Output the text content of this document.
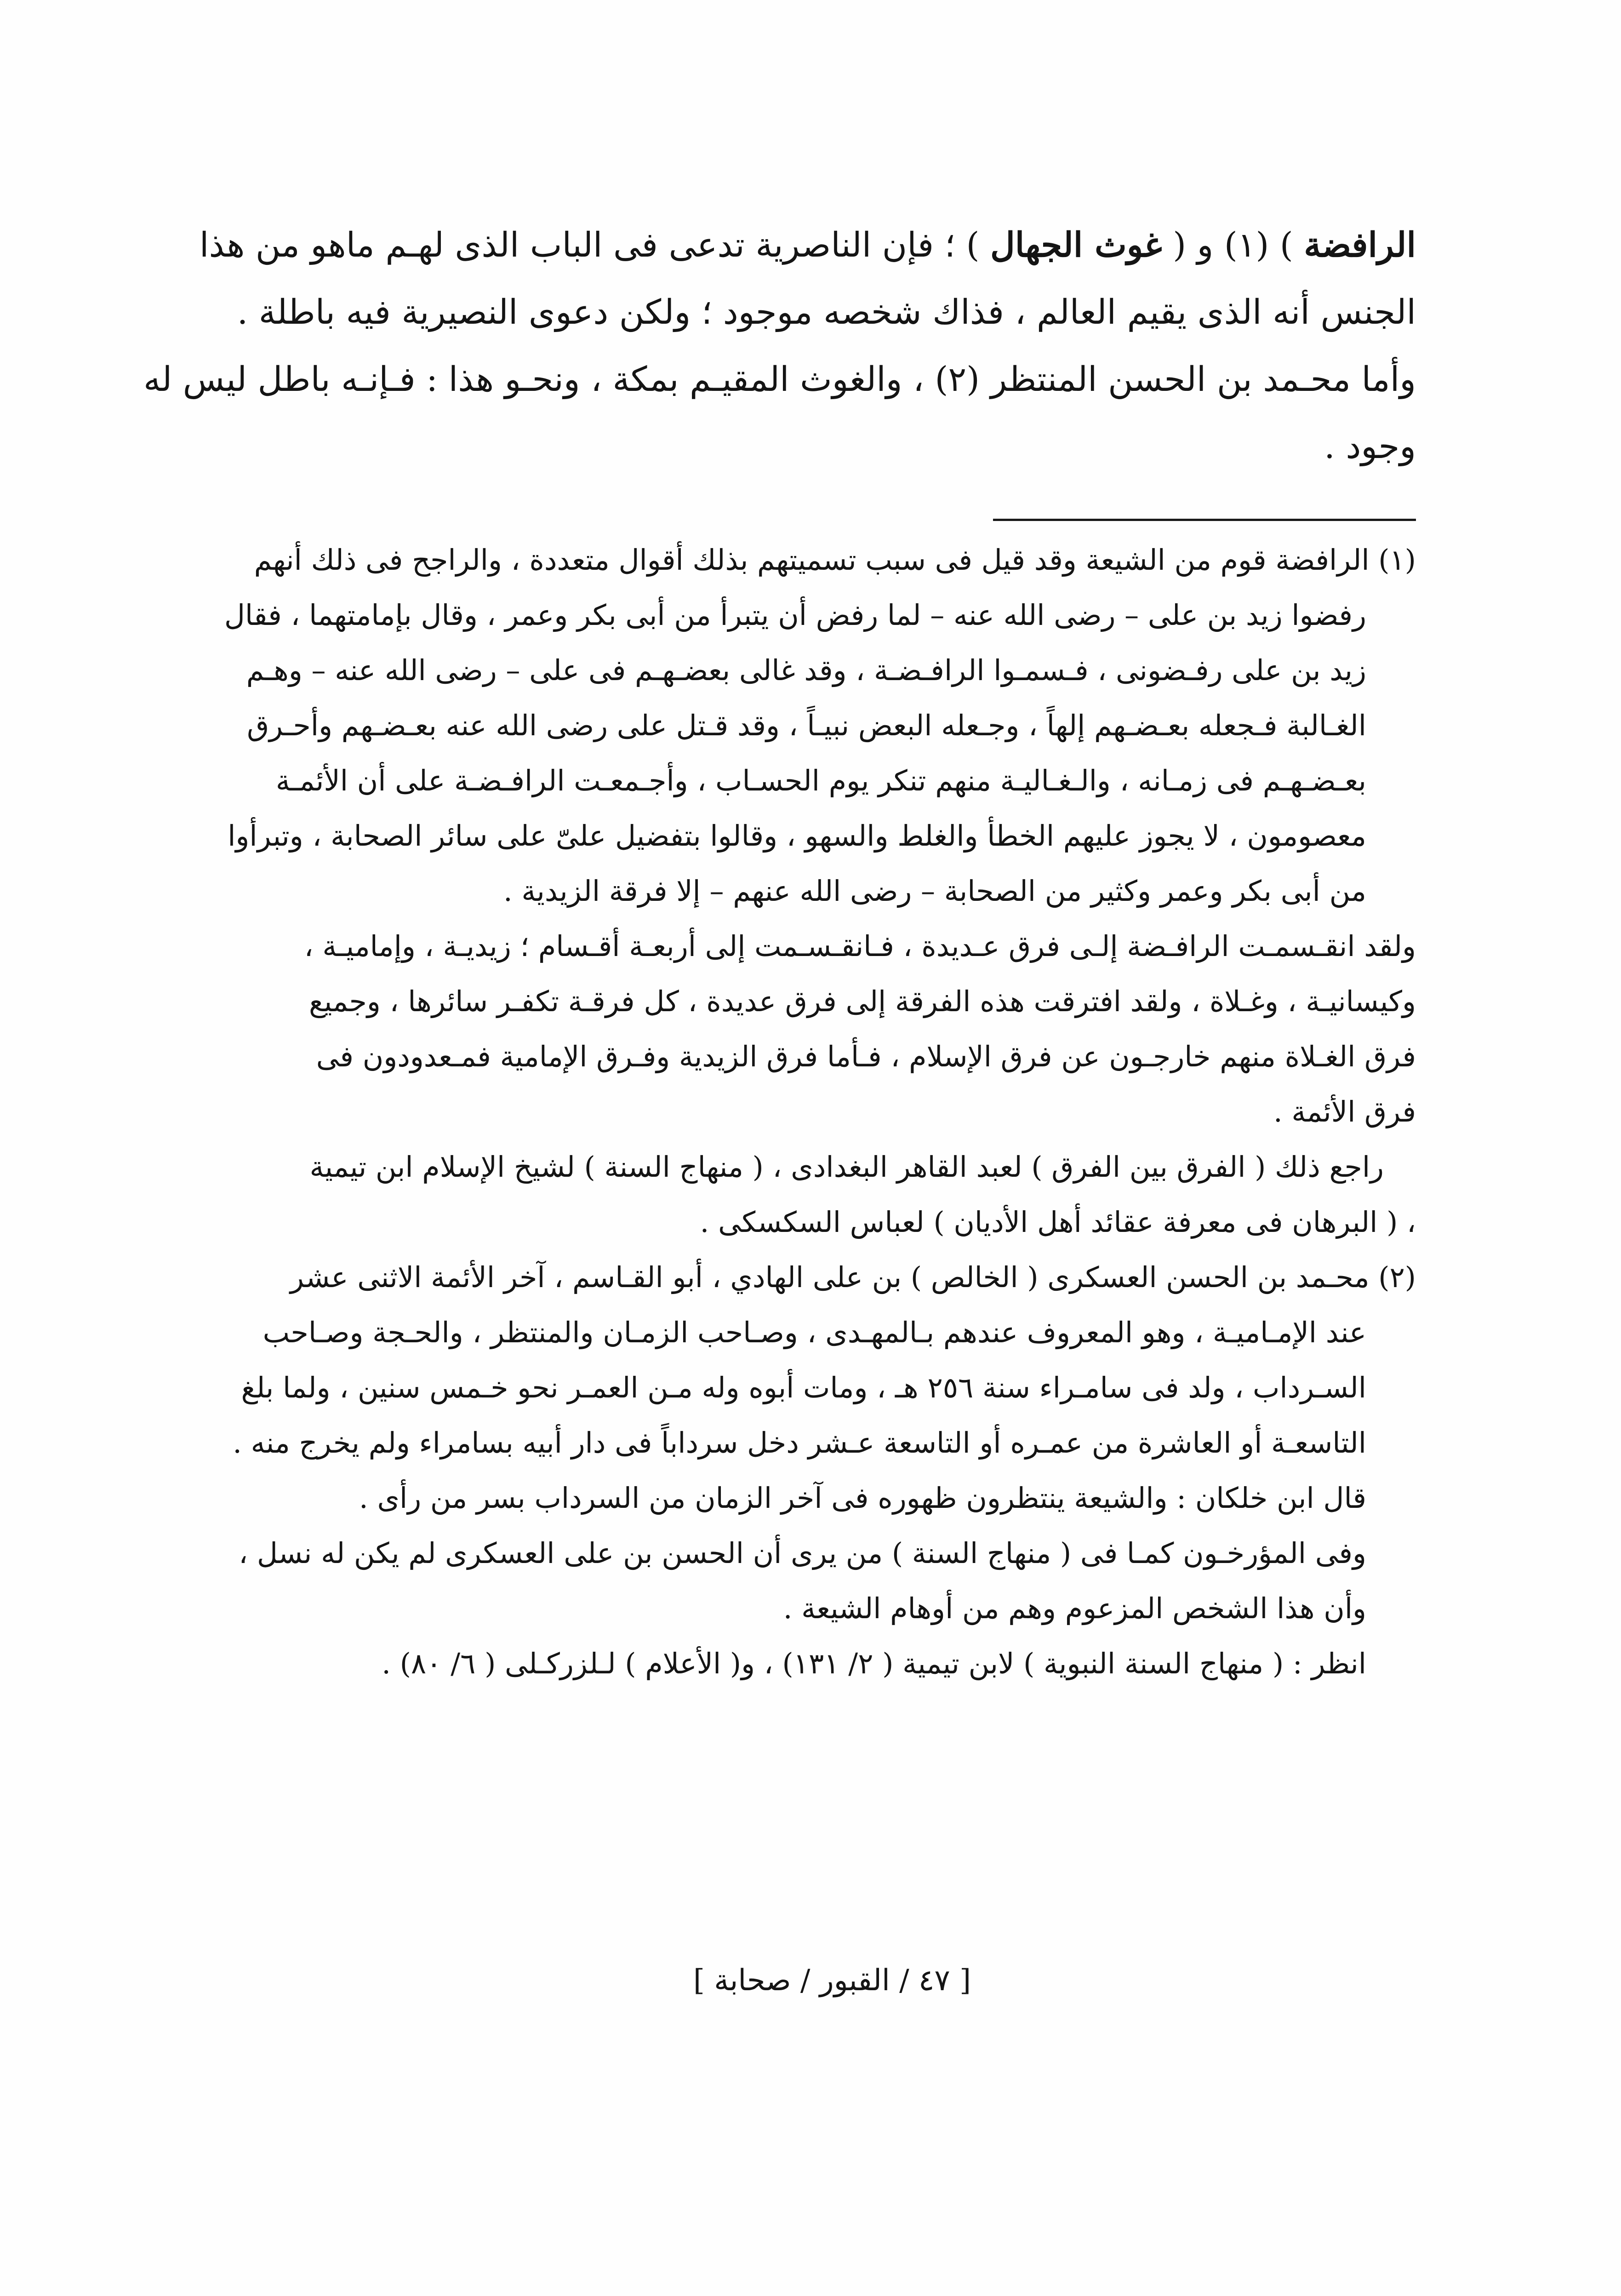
الرافضة ) (١) و ( غوث الجهال ) ؛ فإن الناصرية تدعى فى الباب الذى لهـم ماهو من هذا
الجنس أنه الذى يقيم العالم ، فذاك شخصه موجود ؛ ولكن دعوى النصيرية فيه باطلة .
وأما محـمد بن الحسن المنتظر (٢) ، والغوث المقيـم بمكة ، ونحـو هذا : فـإنـه باطل ليس له
وجود .
(١) الرافضة قوم من الشيعة وقد قيل فى سبب تسميتهم بذلك أقوال متعددة ، والراجح فى ذلك أنهم
رفضوا زيد بن على – رضى الله عنه – لما رفض أن يتبرأ من أبى بكر وعمر ، وقال بإمامتهما ، فقال
زيد بن على رفـضونى ، فـسمـوا الرافـضـة ، وقد غالى بعضـهـم فى على – رضى الله عنه – وهـم
الغـالبة فـجعله بعـضـهم إلهاً ، وجـعله البعض نبيـاً ، وقد قـتل على رضى الله عنه بعـضـهم وأحـرق
بعـضـهـم فى زمـانه ، والـغـاليـة منهم تنكر يوم الحسـاب ، وأجـمعـت الرافـضـة على أن الأئمـة
معصومون ، لا يجوز عليهم الخطأ والغلط والسهو ، وقالوا بتفضيل علىّ على سائر الصحابة ، وتبرأوا
من أبى بكر وعمر وكثير من الصحابة – رضى الله عنهم – إلا فرقة الزيدية .
ولقد انقـسمـت الرافـضة إلـى فرق عـديدة ، فـانقـسـمت إلى أربعـة أقـسام ؛ زيديـة ، وإماميـة ،
وكيسانيـة ، وغـلاة ، ولقد افترقت هذه الفرقة إلى فرق عديدة ، كل فرقـة تكفـر سائرها ، وجميع
فرق الغـلاة منهم خارجـون عن فرق الإسلام ، فـأما فرق الزيدية وفـرق الإمامية فمـعدودون فى
فرق الأئمة .
راجع ذلك ( الفرق بين الفرق ) لعبد القاهر البغدادى ، ( منهاج السنة ) لشيخ الإسلام ابن تيمية
، ( البرهان فى معرفة عقائد أهل الأديان ) لعباس السكسكى .
(٢) محـمد بن الحسن العسكرى ( الخالص ) بن على الهادي ، أبو القـاسم ، آخر الأئمة الاثنى عشر
عند الإمـاميـة ، وهو المعروف عندهم بـالمهـدى ، وصـاحب الزمـان والمنتظر ، والحـجة وصـاحب
السـرداب ، ولد فى سامـراء سنة ٢٥٦ هـ ، ومات أبوه وله مـن العمـر نحو خـمس سنين ، ولما بلغ
التاسعـة أو العاشرة من عمـره أو التاسعة عـشر دخل سرداباً فى دار أبيه بسامراء ولم يخرج منه .
قال ابن خلكان : والشيعة ينتظرون ظهوره فى آخر الزمان من السرداب بسر من رأى .
وفى المؤرخـون كمـا فى ( منهاج السنة ) من يرى أن الحسن بن على العسكرى لم يكن له نسل ،
وأن هذا الشخص المزعوم وهم من أوهام الشيعة .
انظر : ( منهاج السنة النبوية ) لابن تيمية ( ٢/ ١٣١) ، و( الأعلام ) لـلزركـلى ( ٦/ ٨٠) .
[ ٤٧ / القبور / صحابة ]
